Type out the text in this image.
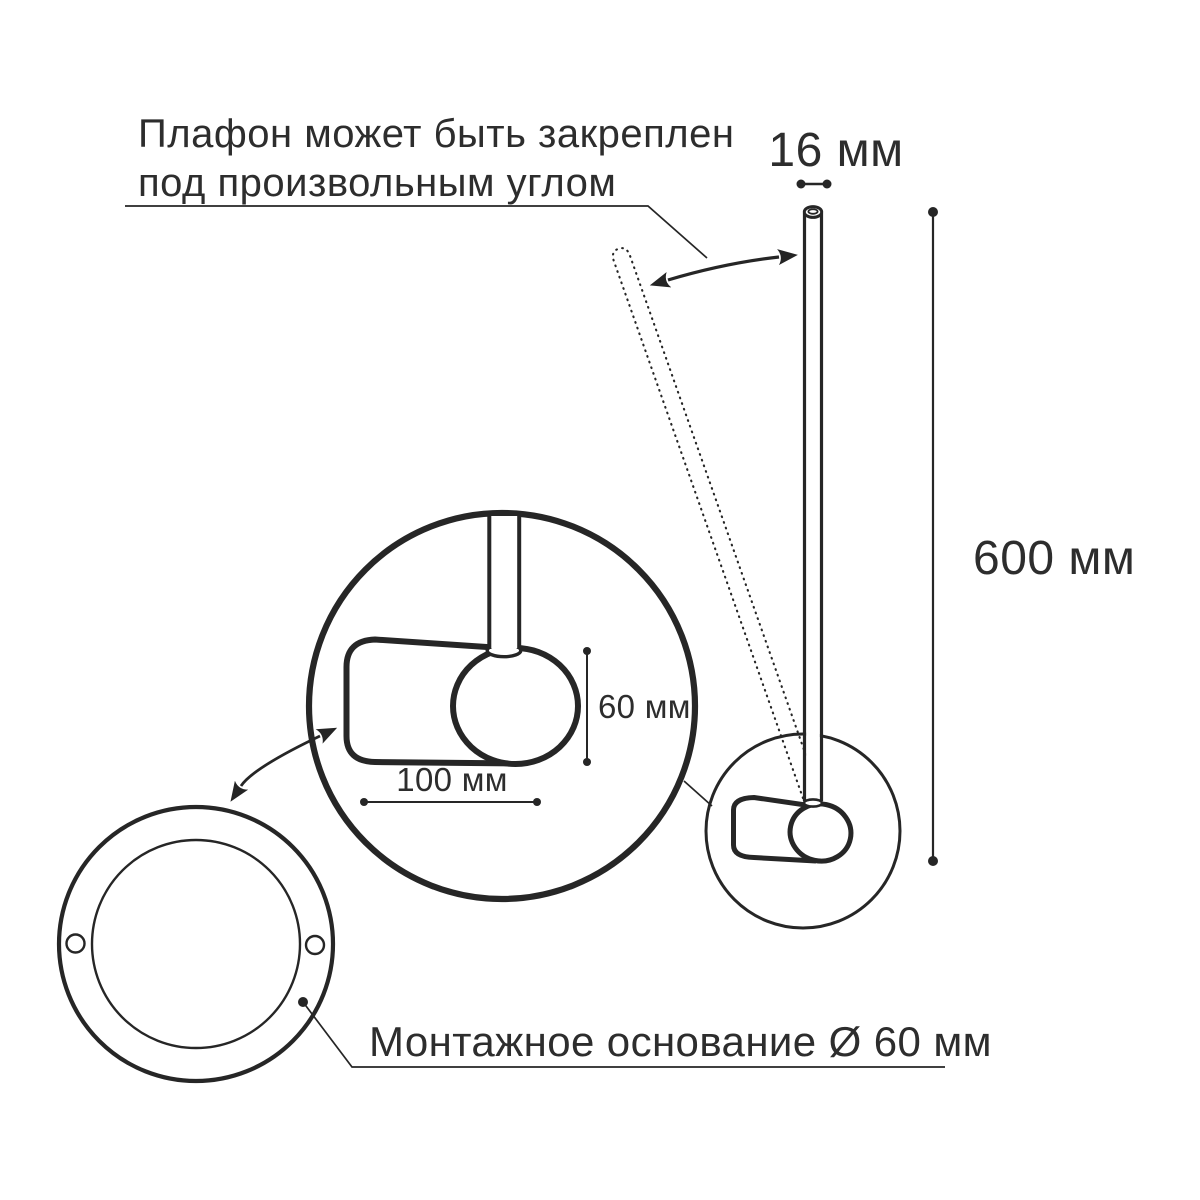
Плафон может быть закреплен
под произвольным углом
16 мм
600 мм
60 мм
100 мм
Монтажное основание Ø 60 мм
